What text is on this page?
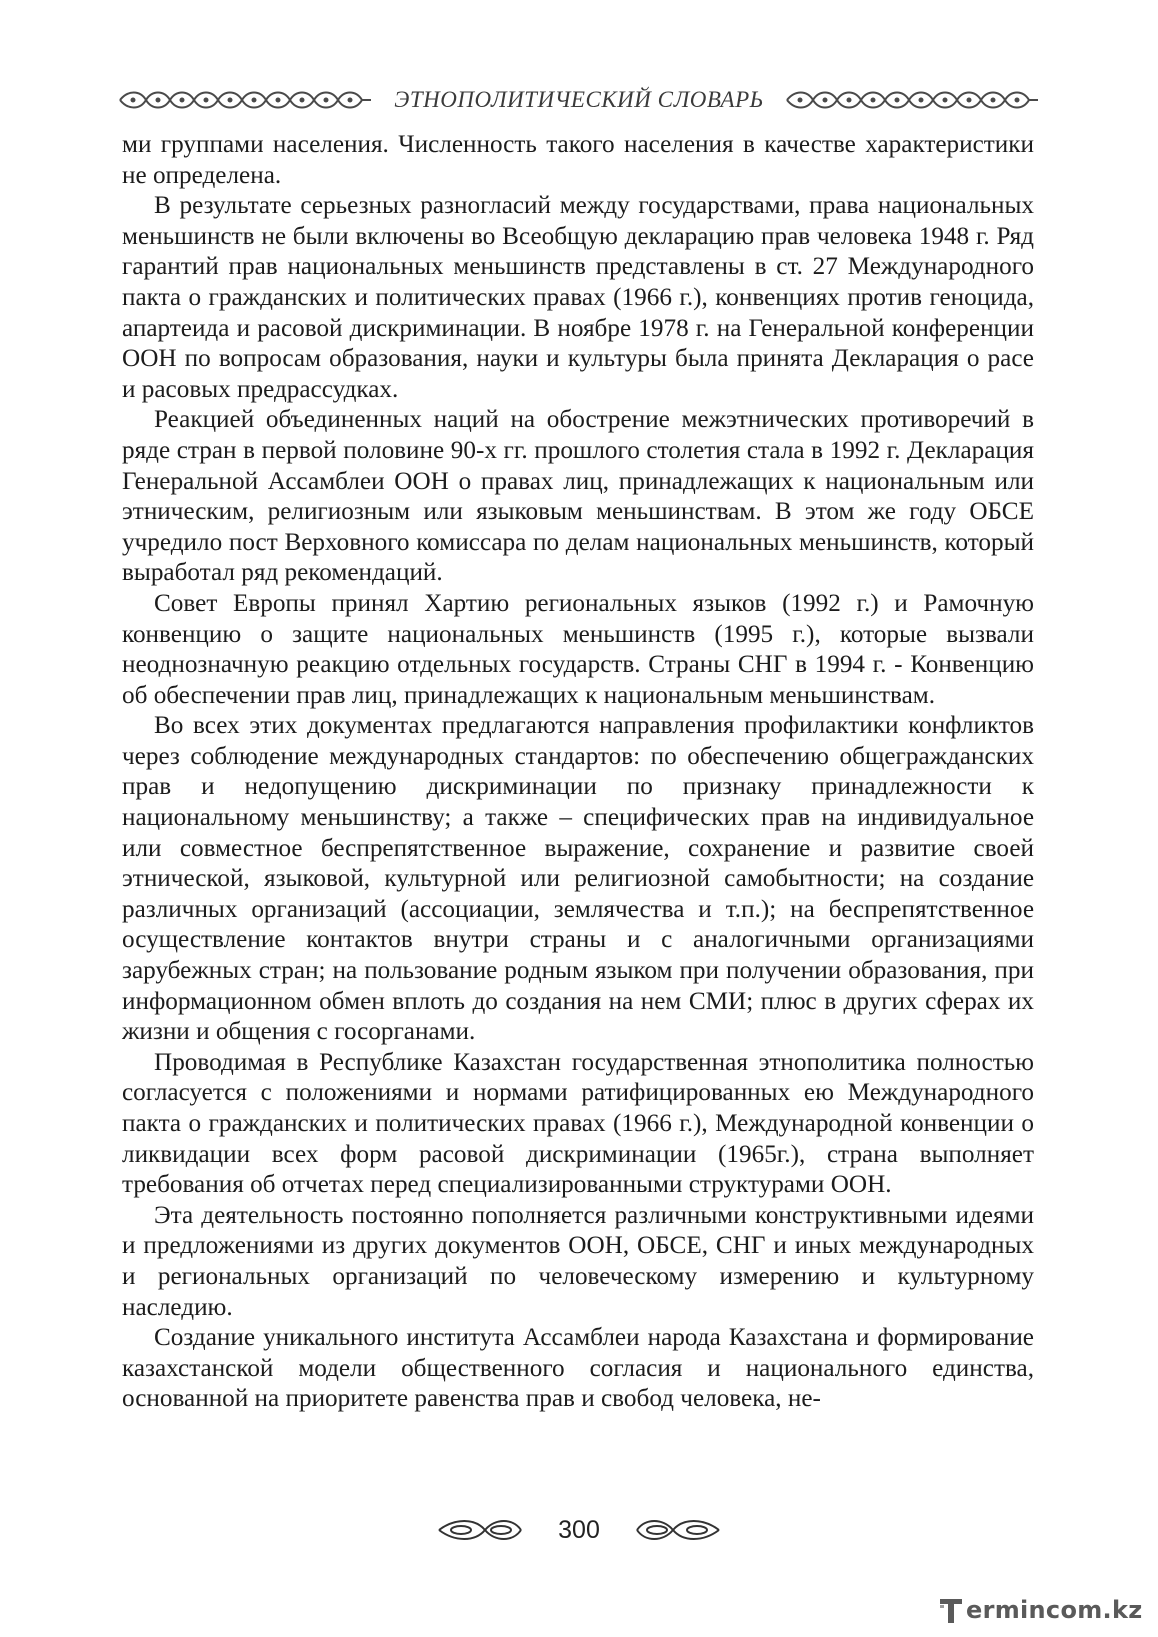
ЭТНОПОЛИТИЧЕСКИЙ СЛОВАРЬ

ми группами населения. Численность такого населения в качестве характеристики не определена.

В результате серьезных разногласий между государствами, права национальных меньшинств не были включены во Всеобщую декларацию прав человека 1948 г. Ряд гарантий прав национальных меньшинств представлены в ст. 27 Международного пакта о гражданских и политических правах (1966 г.), конвенциях против геноцида, апартеида и расовой дискриминации. В ноябре 1978 г. на Генеральной конференции ООН по вопросам образования, науки и культуры была принята Декларация о расе и расовых предрассудках.

Реакцией объединенных наций на обострение межэтнических противоречий в ряде стран в первой половине 90-х гг. прошлого столетия стала в 1992 г. Декларация Генеральной Ассамблеи ООН о правах лиц, принадлежащих к национальным или этническим, религиозным или языковым меньшинствам. В этом же году ОБСЕ учредило пост Верховного комиссара по делам национальных меньшинств, который выработал ряд рекомендаций.

Совет Европы принял Хартию региональных языков (1992 г.) и Рамочную конвенцию о защите национальных меньшинств (1995 г.), которые вызвали неоднозначную реакцию отдельных государств. Страны СНГ в 1994 г. - Конвенцию об обеспечении прав лиц, принадлежащих к национальным меньшинствам.

Во всех этих документах предлагаются направления профилактики конфликтов через соблюдение международных стандартов: по обеспечению общегражданских прав и недопущению дискриминации по признаку принадлежности к национальному меньшинству; а также – специфических прав на индивидуальное или совместное беспрепятственное выражение, сохранение и развитие своей этнической, языковой, культурной или религиозной самобытности; на создание различных организаций (ассоциации, землячества и т.п.); на беспрепятственное осуществление контактов внутри страны и с аналогичными организациями зарубежных стран; на пользование родным языком при получении образования, при информационном обмен вплоть до создания на нем СМИ; плюс в других сферах их жизни и общения с госорганами.

Проводимая в Республике Казахстан государственная этнополитика полностью согласуется с положениями и нормами ратифицированных ею Международного пакта о гражданских и политических правах (1966 г.), Международной конвенции о ликвидации всех форм расовой дискриминации (1965г.), страна выполняет требования об отчетах перед специализированными структурами ООН.

Эта деятельность постоянно пополняется различными конструктивными идеями и предложениями из других документов ООН, ОБСЕ, СНГ и иных международных и региональных организаций по человеческому измерению и культурному наследию.

Создание уникального института Ассамблеи народа Казахстана и формирование казахстанской модели общественного согласия и национального единства, основанной на приоритете равенства прав и свобод человека, не-

300
ermincom.kz
